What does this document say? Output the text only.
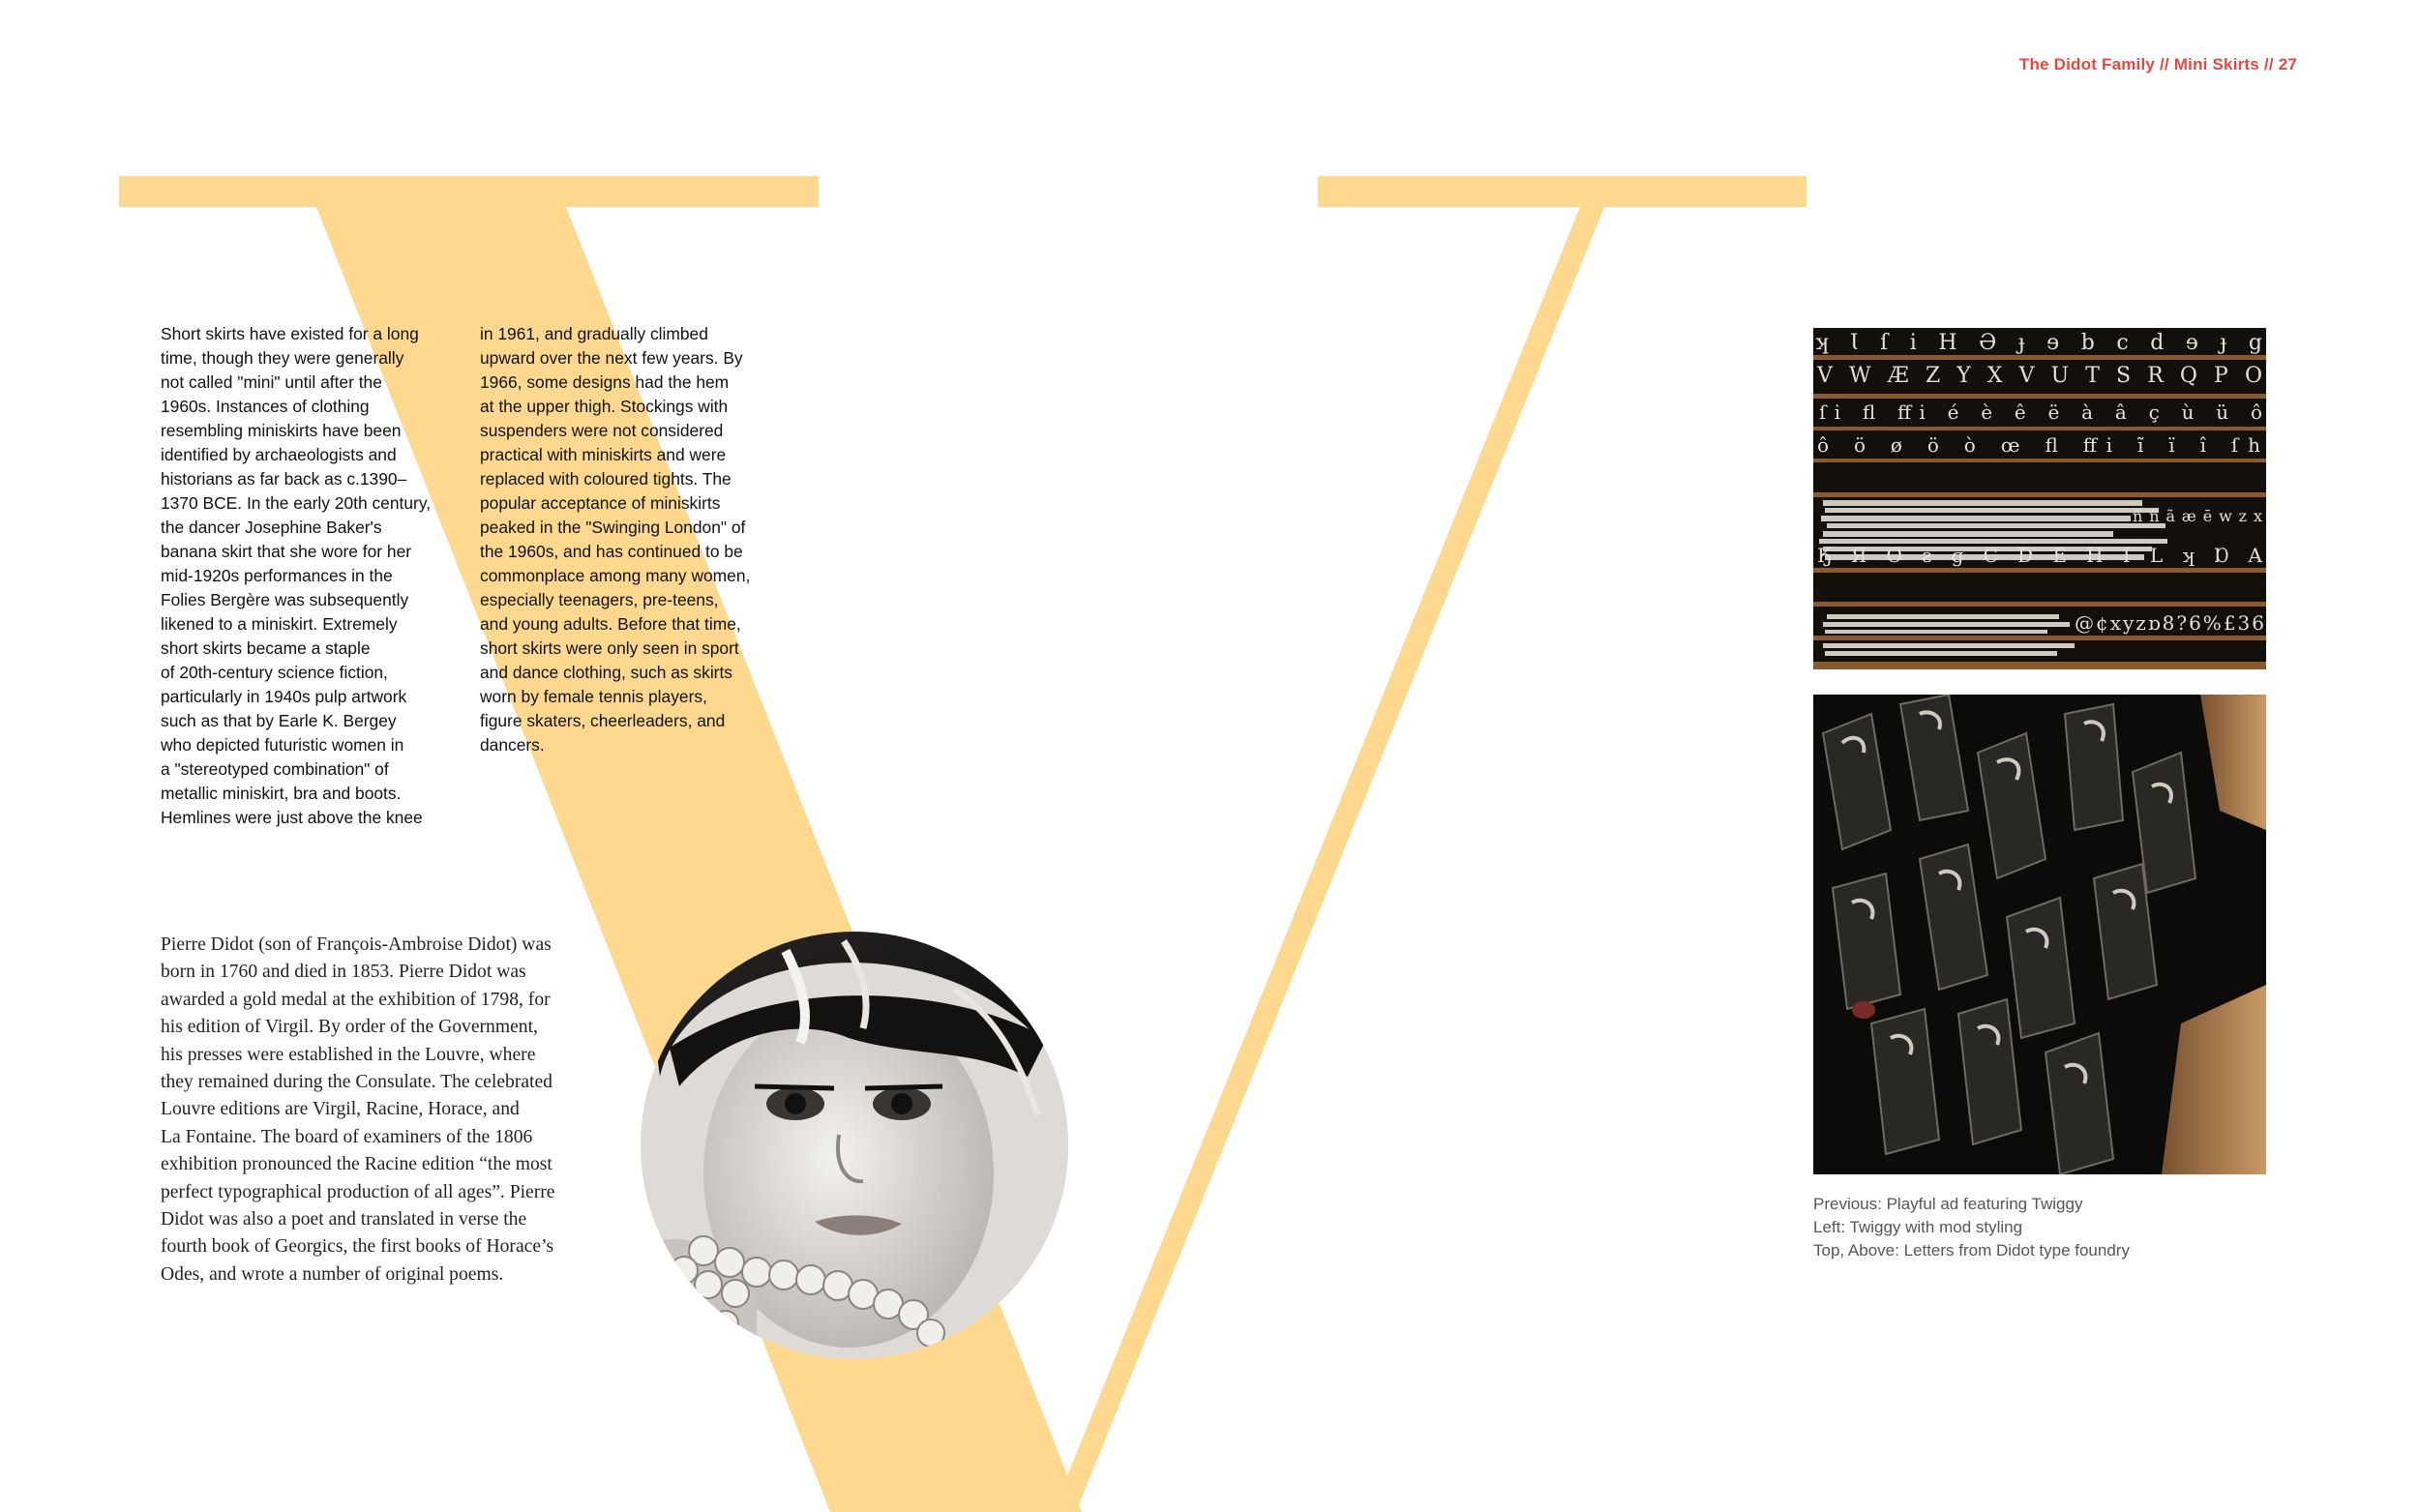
The Didot Family // Mini Skirts // 27
Short skirts have existed for a long
time, though they were generally
not called "mini" until after the
1960s. Instances of clothing
resembling miniskirts have been
identified by archaeologists and
historians as far back as c.1390–
1370 BCE. In the early 20th century,
the dancer Josephine Baker's
banana skirt that she wore for her
mid-1920s performances in the
Folies Bergère was subsequently
likened to a miniskirt. Extremely
short skirts became a staple
of 20th-century science fiction,
particularly in 1940s pulp artwork
such as that by Earle K. Bergey
who depicted futuristic women in
a "stereotyped combination" of
metallic miniskirt, bra and boots.
Hemlines were just above the knee
in 1961, and gradually climbed
upward over the next few years. By
1966, some designs had the hem
at the upper thigh. Stockings with
suspenders were not considered
practical with miniskirts and were
replaced with coloured tights. The
popular acceptance of miniskirts
peaked in the "Swinging London" of
the 1960s, and has continued to be
commonplace among many women,
especially teenagers, pre-teens,
and young adults. Before that time,
short skirts were only seen in sport
and dance clothing, such as skirts
worn by female tennis players,
figure skaters, cheerleaders, and
dancers.
Pierre Didot (son of François-Ambroise Didot) was
born in 1760 and died in 1853. Pierre Didot was
awarded a gold medal at the exhibition of 1798, for
his edition of Virgil. By order of the Government,
his presses were established in the Louvre, where
they remained during the Consulate. The celebrated
Louvre editions are Virgil, Racine, Horace, and
La Fontaine. The board of examiners of the 1806
exhibition pronounced the Racine edition “the most
perfect typographical production of all ages”. Pierre
Didot was also a poet and translated in verse the
fourth book of Georgics, the first books of Horace’s
Odes, and wrote a number of original poems.
ʞ Ɩ ſ i H Ə ɟ ɘ b c d ɘ ɟ g
V W Æ Z Y X V U T S R Q P O
ſi fl ffi é è ê ë à â ç ù ü ô
ô ö ø ö ò œ fl ffi ĩ ï î ſh
ñ ñ ã æ ē w z x
Ӄ Я О ƨ ɡ C D E H I L ʞ Ɒ A
@ ¢ x y z ɒ 8 ? 6 % £ 3 6
Previous: Playful ad featuring Twiggy
Left: Twiggy with mod styling
Top, Above: Letters from Didot type foundry
